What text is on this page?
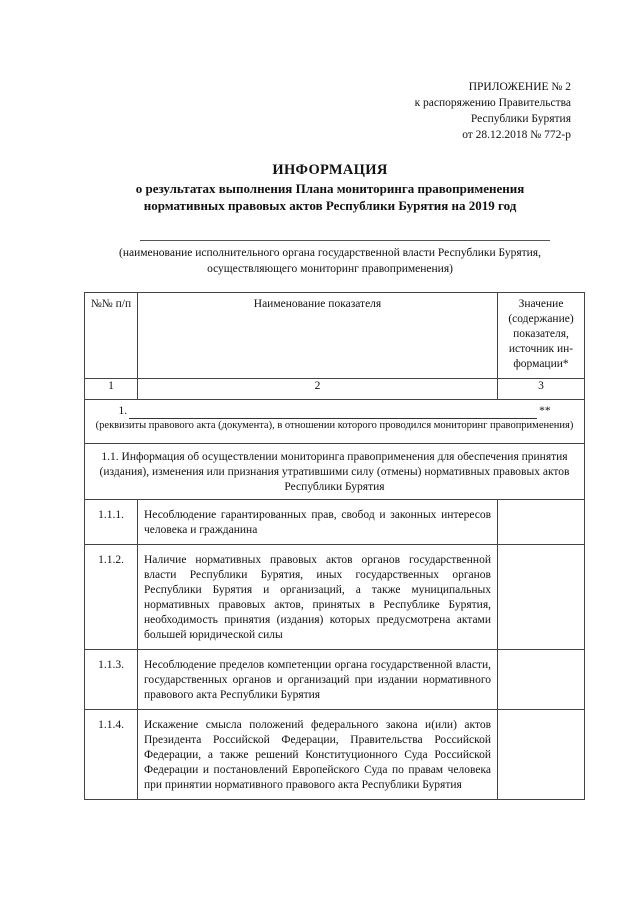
ПРИЛОЖЕНИЕ № 2
к распоряжению Правительства
Республики Бурятия
от 28.12.2018 № 772-р
ИНФОРМАЦИЯ
о результатах выполнения Плана мониторинга правоприменения
нормативных правовых актов Республики Бурятия на 2019 год
(наименование исполнительного органа государственной власти Республики Бурятия,
осуществляющего мониторинг правоприменения)
№№ п/п	Наименование показателя	Значение (содержание) показателя, источник ин-формации*
1	2	3

1. **
(реквизиты правового акта (документа), в отношении которого проводился мониторинг правоприменения)		

1.1. Информация об осуществлении мониторинга правоприменения для обеспечения принятия (издания), изменения или признания утратившими силу (отмены) нормативных правовых актов Республики Бурятия		
1.1.1.	Несоблюдение гарантированных прав, свобод и законных интересов человека и гражданина	
1.1.2.	Наличие нормативных правовых актов органов государственной власти Республики Бурятия, иных государственных органов Республики Бурятия и организаций, а также муниципальных нормативных правовых актов, принятых в Республике Бурятия, необходимость принятия (издания) которых предусмотрена актами большей юридической силы	
1.1.3.	Несоблюдение пределов компетенции органа государственной власти, государственных органов и организаций при издании нормативного правового акта Республики Бурятия	
1.1.4.	Искажение смысла положений федерального закона и(или) актов Президента Российской Федерации, Правительства Российской Федерации, а также решений Конституционного Суда Российской Федерации и постановлений Европейского Суда по правам человека при принятии нормативного правового акта Республики Бурятия	
